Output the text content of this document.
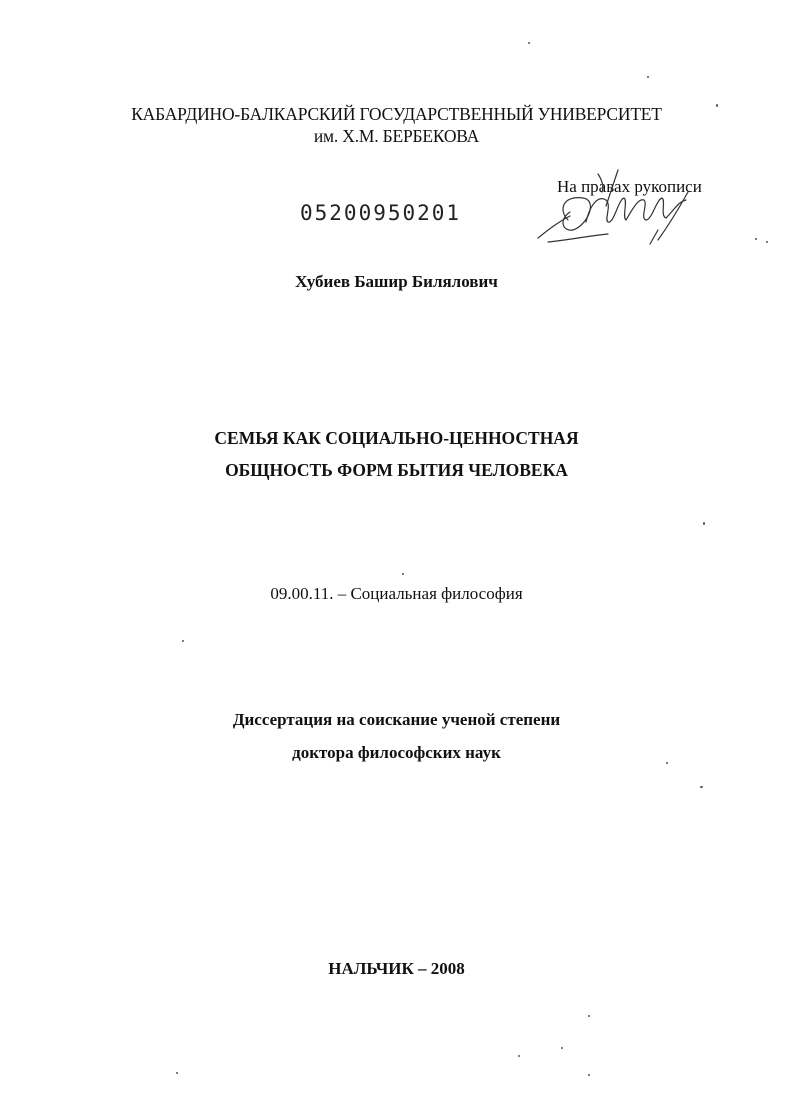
КАБАРДИНО-БАЛКАРСКИЙ ГОСУДАРСТВЕННЫЙ УНИВЕРСИТЕТ
им. Х.М. БЕРБЕКОВА
На правах рукописи
05200950201
Хубиев Башир Билялович
СЕМЬЯ КАК СОЦИАЛЬНО-ЦЕННОСТНАЯ
ОБЩНОСТЬ ФОРМ БЫТИЯ ЧЕЛОВЕКА
09.00.11. – Социальная философия
Диссертация на соискание ученой степени
доктора философских наук
НАЛЬЧИК – 2008
